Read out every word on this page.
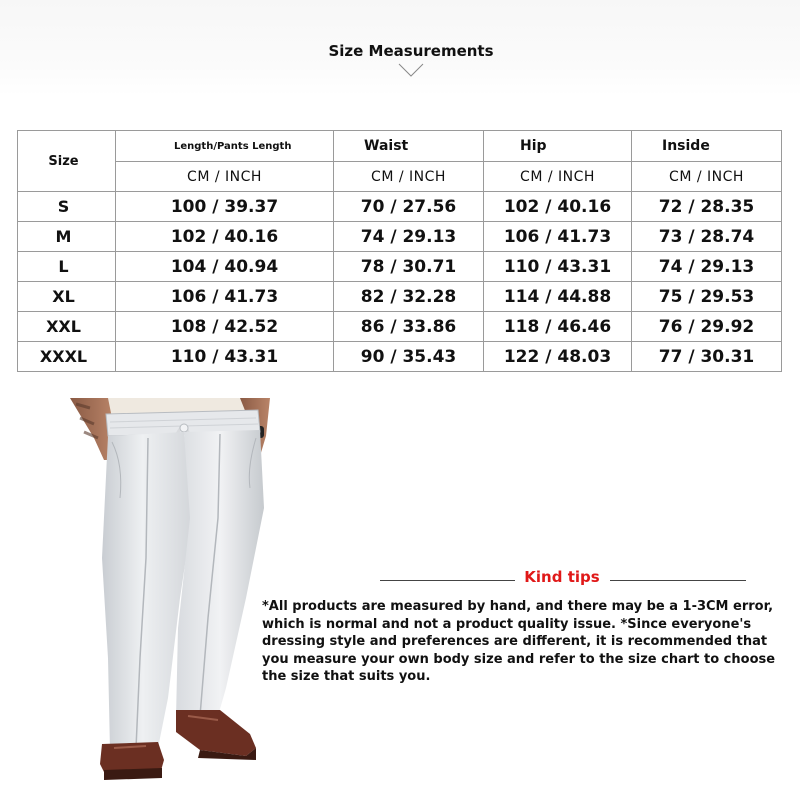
Size Measurements
Size	Length/Pants Length	Waist	Hip	Inside
	CM / INCH	CM / INCH	CM / INCH	CM / INCH
S	100 / 39.37	70 / 27.56	102 / 40.16	72 / 28.35
M	102 / 40.16	74 / 29.13	106 / 41.73	73 / 28.74
L	104 / 40.94	78 / 30.71	110 / 43.31	74 / 29.13
XL	106 / 41.73	82 / 32.28	114 / 44.88	75 / 29.53
XXL	108 / 42.52	86 / 33.86	118 / 46.46	76 / 29.92
XXXL	110 / 43.31	90 / 35.43	122 / 48.03	77 / 30.31
Kind tips
*All products are measured by hand, and there may be a 1-3CM error, which is normal and not a product quality issue. *Since everyone's dressing style and preferences are different, it is recommended that you measure your own body size and refer to the size chart to choose the size that suits you.
